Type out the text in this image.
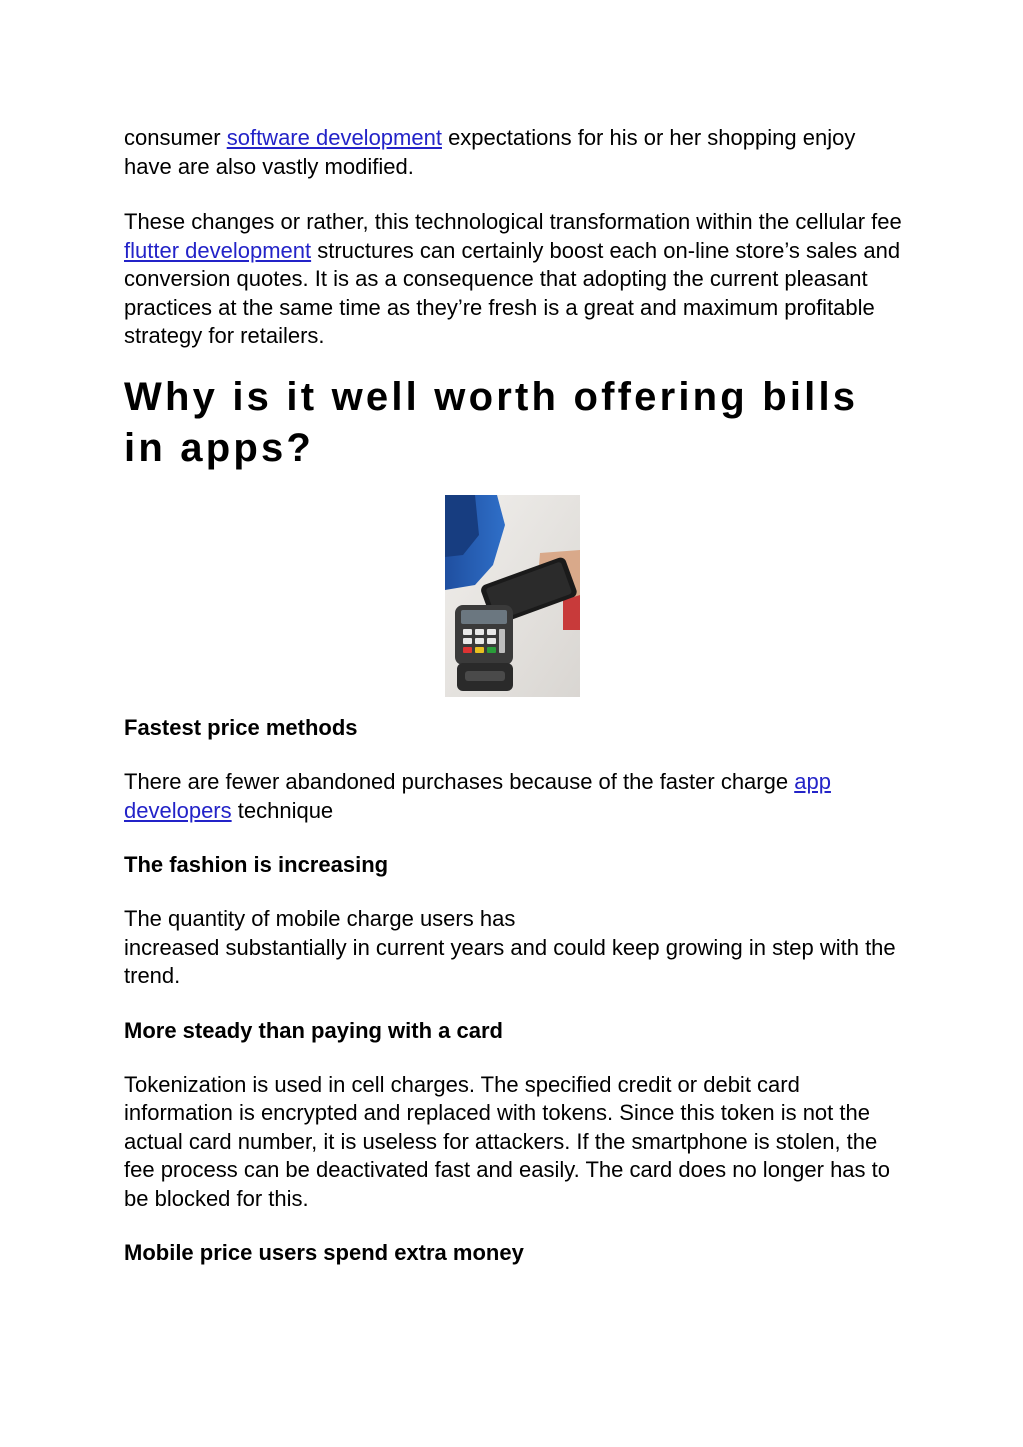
consumer software development expectations for his or her shopping enjoy have are also vastly modified.

These changes or rather, this technological transformation within the cellular fee flutter development structures can certainly boost each on-line store’s sales and conversion quotes. It is as a consequence that adopting the current pleasant practices at the same time as they’re fresh is a great and maximum profitable strategy for retailers.

Why is it well worth offering bills in apps?

Fastest price methods

There are fewer abandoned purchases because of the faster charge app developers technique

The fashion is increasing

The quantity of mobile charge users has
increased substantially in current years and could keep growing in step with the trend.

More steady than paying with a card

Tokenization is used in cell charges. The specified credit or debit card information is encrypted and replaced with tokens. Since this token is not the actual card number, it is useless for attackers. If the smartphone is stolen, the fee process can be deactivated fast and easily. The card does no longer has to be blocked for this.

Mobile price users spend extra money
